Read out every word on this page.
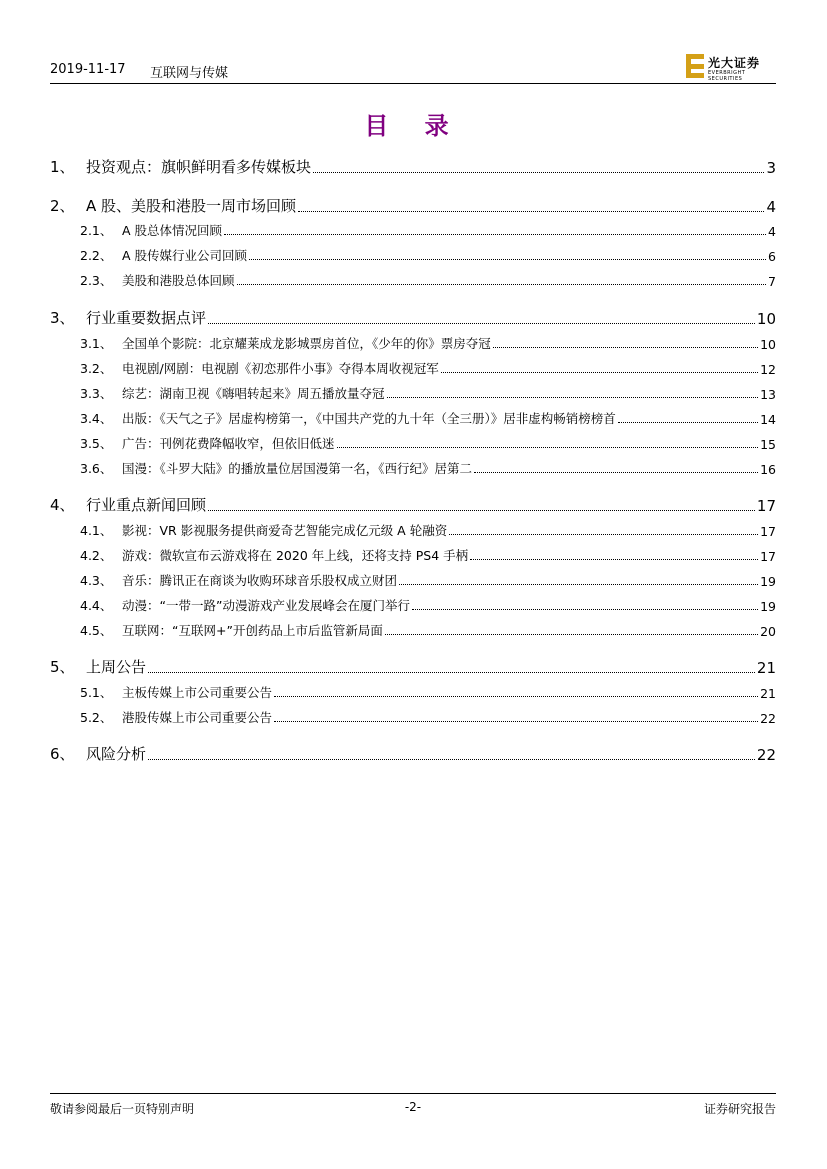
2019-11-17 互联网与传媒
光大证券
EVERBRIGHT SECURITIES
目 录
1、 投资观点：旗帜鲜明看多传媒板块	3
2、 A 股、美股和港股一周市场回顾	4
2.1、 A 股总体情况回顾	4
2.2、 A 股传媒行业公司回顾	6
2.3、 美股和港股总体回顾	7
3、 行业重要数据点评	10
3.1、 全国单个影院：北京耀莱成龙影城票房首位，《少年的你》票房夺冠	10
3.2、 电视剧/网剧：电视剧《初恋那件小事》夺得本周收视冠军	12
3.3、 综艺：湖南卫视《嗨唱转起来》周五播放量夺冠	13
3.4、 出版：《天气之子》居虚构榜第一，《中国共产党的九十年（全三册）》居非虚构畅销榜榜首	14
3.5、 广告：刊例花费降幅收窄，但依旧低迷	15
3.6、 国漫：《斗罗大陆》的播放量位居国漫第一名，《西行纪》居第二	16
4、 行业重点新闻回顾	17
4.1、 影视：VR 影视服务提供商爱奇艺智能完成亿元级 A 轮融资	17
4.2、 游戏：微软宣布云游戏将在 2020 年上线，还将支持 PS4 手柄	17
4.3、 音乐：腾讯正在商谈为收购环球音乐股权成立财团	19
4.4、 动漫：“一带一路”动漫游戏产业发展峰会在厦门举行	19
4.5、 互联网：“互联网+”开创药品上市后监管新局面	20
5、 上周公告	21
5.1、 主板传媒上市公司重要公告	21
5.2、 港股传媒上市公司重要公告	22
6、 风险分析	22
敬请参阅最后一页特别声明	-2-	证券研究报告
